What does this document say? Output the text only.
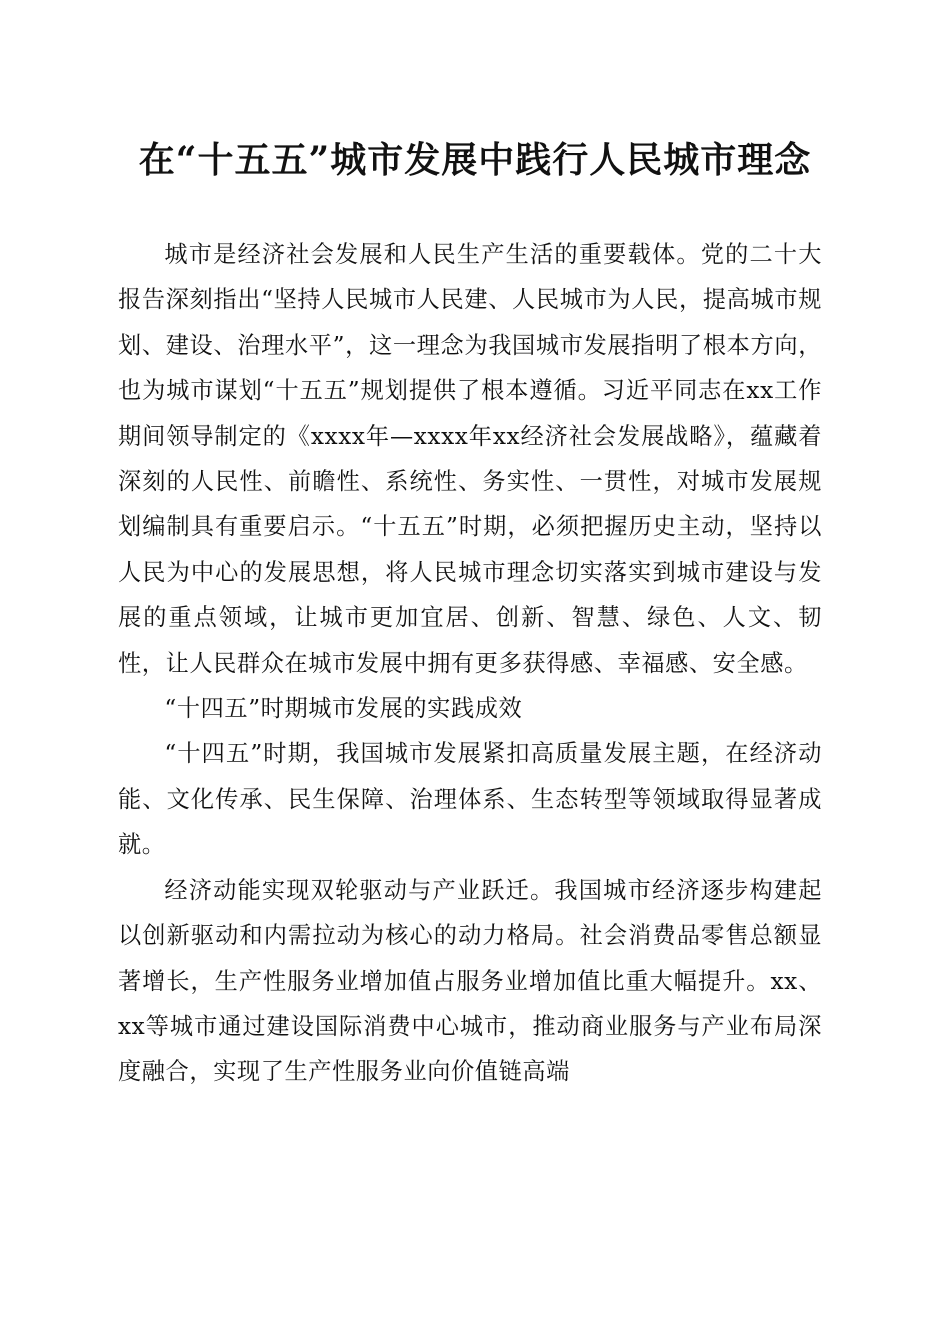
在“十五五”城市发展中践行人民城市理念

城市是经济社会发展和人民生产生活的重要载体。党的二十大报告深刻指出“坚持人民城市人民建、人民城市为人民，提高城市规划、建设、治理水平”，这一理念为我国城市发展指明了根本方向，也为城市谋划“十五五”规划提供了根本遵循。习近平同志在xx工作期间领导制定的《xxxx年—xxxx年xx经济社会发展战略》，蕴藏着深刻的人民性、前瞻性、系统性、务实性、一贯性，对城市发展规划编制具有重要启示。“十五五”时期，必须把握历史主动，坚持以人民为中心的发展思想，将人民城市理念切实落实到城市建设与发展的重点领域，让城市更加宜居、创新、智慧、绿色、人文、韧性，让人民群众在城市发展中拥有更多获得感、幸福感、安全感。

“十四五”时期城市发展的实践成效

“十四五”时期，我国城市发展紧扣高质量发展主题，在经济动能、文化传承、民生保障、治理体系、生态转型等领域取得显著成就。

经济动能实现双轮驱动与产业跃迁。我国城市经济逐步构建起以创新驱动和内需拉动为核心的动力格局。社会消费品零售总额显著增长，生产性服务业增加值占服务业增加值比重大幅提升。xx、xx等城市通过建设国际消费中心城市，推动商业服务与产业布局深度融合，实现了生产性服务业向价值链高端
